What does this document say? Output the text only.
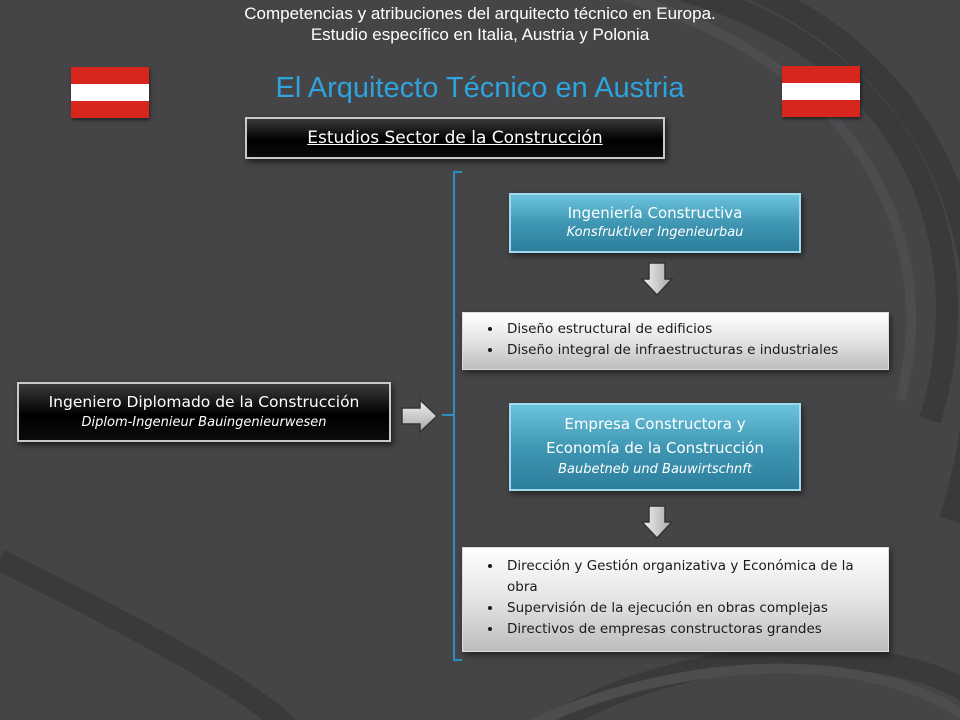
Competencias y atribuciones del arquitecto técnico en Europa.
Estudio específico en Italia, Austria y Polonia
El Arquitecto Técnico en Austria
Estudios Sector de la Construcción
Ingeniero Diplomado de la Construcción
Diplom-Ingenieur Bauingenieurwesen
Ingeniería Constructiva
Konsfruktiver Ingenieurbau
• Diseño estructural de edificios
• Diseño integral de infraestructuras e industriales
Empresa Constructora y
Economía de la Construcción
Baubetneb und Bauwirtschnft
• Dirección y Gestión organizativa y Económica de la obra
• Supervisión de la ejecución en obras complejas
• Directivos de empresas constructoras grandes
